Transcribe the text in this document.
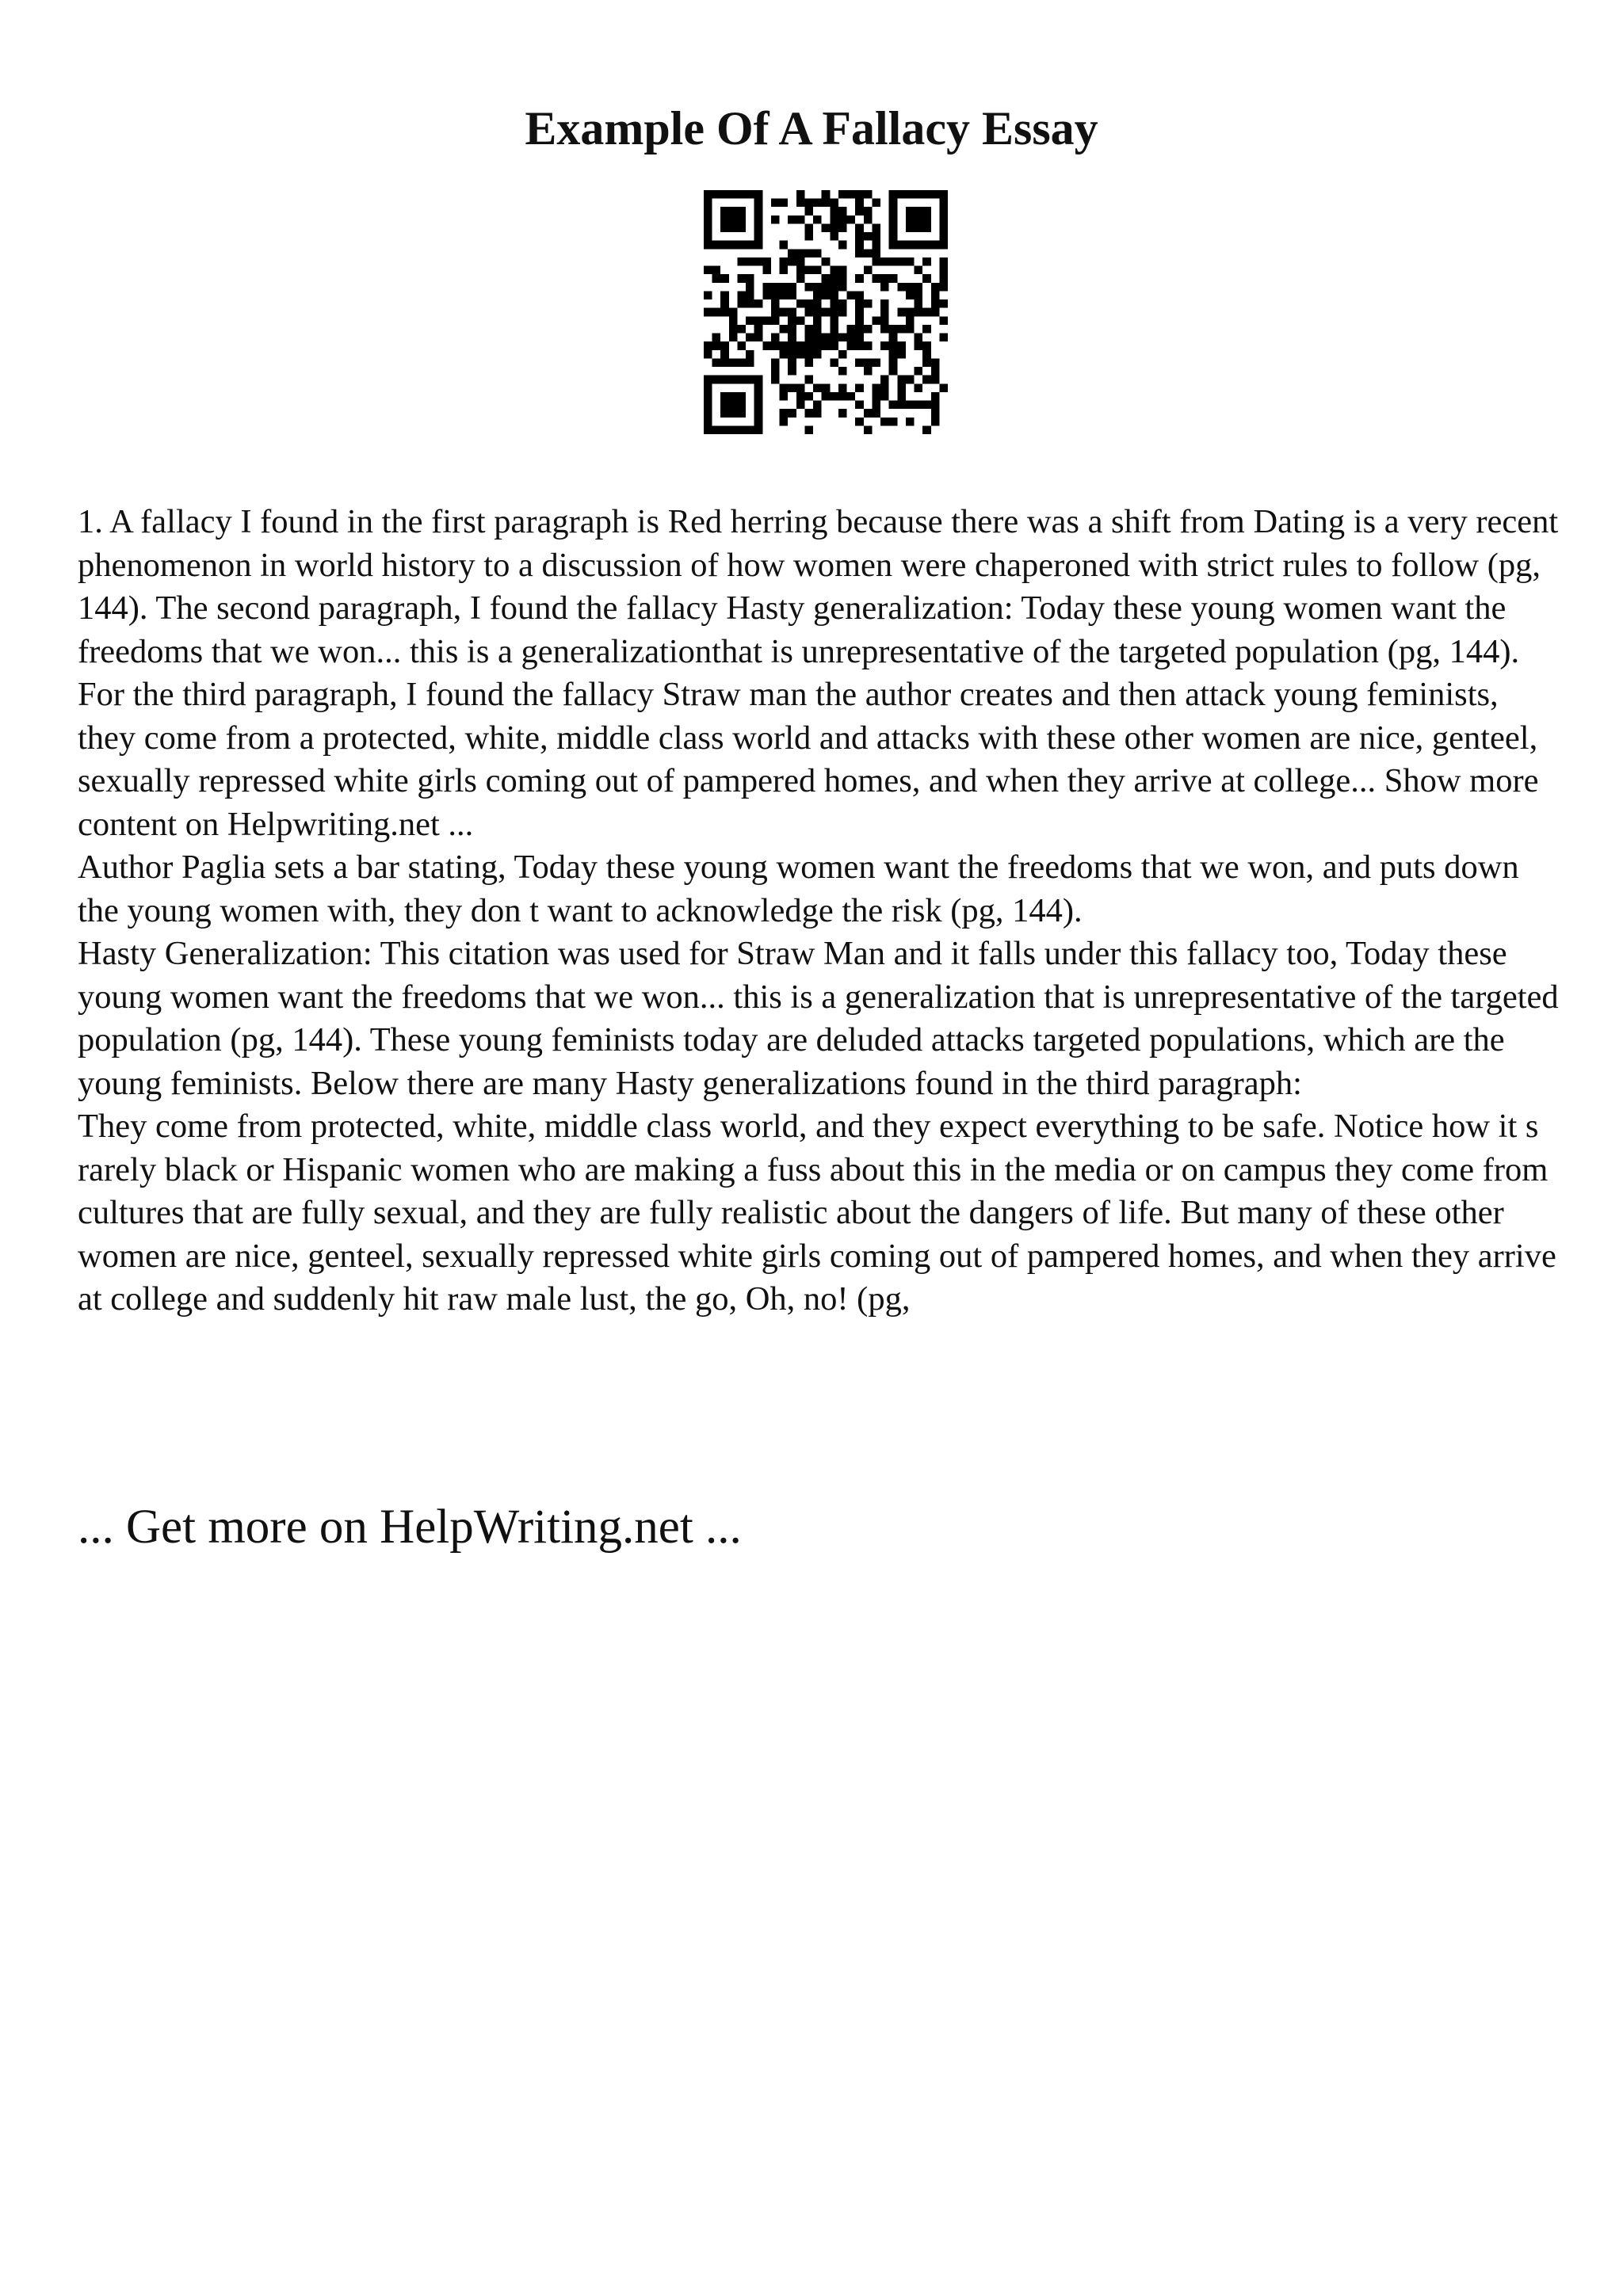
Example Of A Fallacy Essay

1. A fallacy I found in the first paragraph is Red herring because there was a shift from Dating is a very recent phenomenon in world history to a discussion of how women were chaperoned with strict rules to follow (pg, 144). The second paragraph, I found the fallacy Hasty generalization: Today these young women want the freedoms that we won... this is a generalizationthat is unrepresentative of the targeted population (pg, 144). For the third paragraph, I found the fallacy Straw man the author creates and then attack young feminists, they come from a protected, white, middle class world and attacks with these other women are nice, genteel, sexually repressed white girls coming out of pampered homes, and when they arrive at college... Show more content on Helpwriting.net ...

Author Paglia sets a bar stating, Today these young women want the freedoms that we won, and puts down the young women with, they don t want to acknowledge the risk (pg, 144).

Hasty Generalization: This citation was used for Straw Man and it falls under this fallacy too, Today these young women want the freedoms that we won... this is a generalization that is unrepresentative of the targeted population (pg, 144). These young feminists today are deluded attacks targeted populations, which are the young feminists. Below there are many Hasty generalizations found in the third paragraph:

They come from protected, white, middle class world, and they expect everything to be safe. Notice how it s rarely black or Hispanic women who are making a fuss about this in the media or on campus they come from cultures that are fully sexual, and they are fully realistic about the dangers of life. But many of these other women are nice, genteel, sexually repressed white girls coming out of pampered homes, and when they arrive at college and suddenly hit raw male lust, the go, Oh, no! (pg,

... Get more on HelpWriting.net ...
